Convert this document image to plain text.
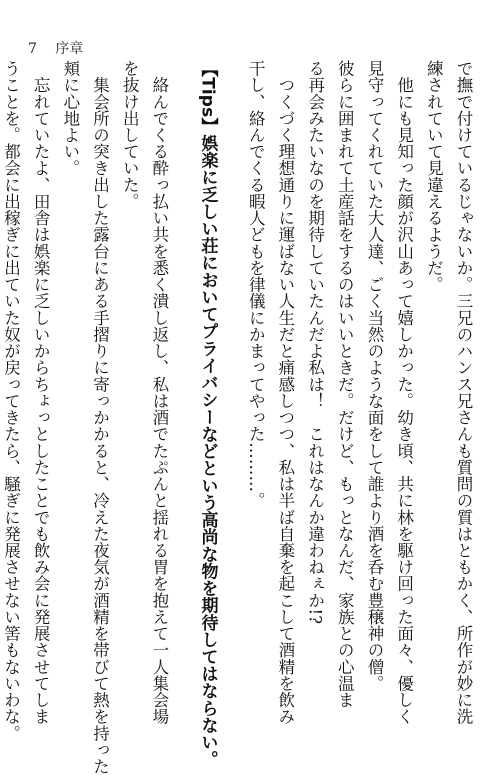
7 序章
で撫で付けているじゃないか。三兄のハンス兄さんも質問の質はともかく、所作が妙に洗
練されていて見違えるようだ。
　他にも見知った顔が沢山あって嬉しかった。幼き頃、共に林を駆け回った面々、優しく
見守ってくれていた大人達、ごく当然のような面をして誰より酒を呑む豊穣神の僧。
彼らに囲まれて土産話をするのはいいときだ。だけど、もっとなんだ、家族との心温ま
る再会みたいなのを期待していたんだよ私は！　これはなんか違わねぇか!?
　つくづく理想通りに運ばない人生だと痛感しつつ、私は半ば自棄を起こして酒精を飲み
干し、絡んでくる暇人どもを律儀にかまってやった………。
【Tips】娯楽に乏しい荘においてプライバシーなどという高尚な物を期待してはならない。
　絡んでくる酔っ払い共を悉く潰し返し、私は酒でたぷんと揺れる胃を抱えて一人集会場
を抜け出していた。
　集会所の突き出した露台にある手摺りに寄っかかると、冷えた夜気が酒精を帯びて熱を持った
頬に心地よい。
　忘れていたよ、田舎は娯楽に乏しいからちょっとしたことでも飲み会に発展させてしま
うことを。都会に出稼ぎに出ていた奴が戻ってきたら、騒ぎに発展させない筈もないわな。
